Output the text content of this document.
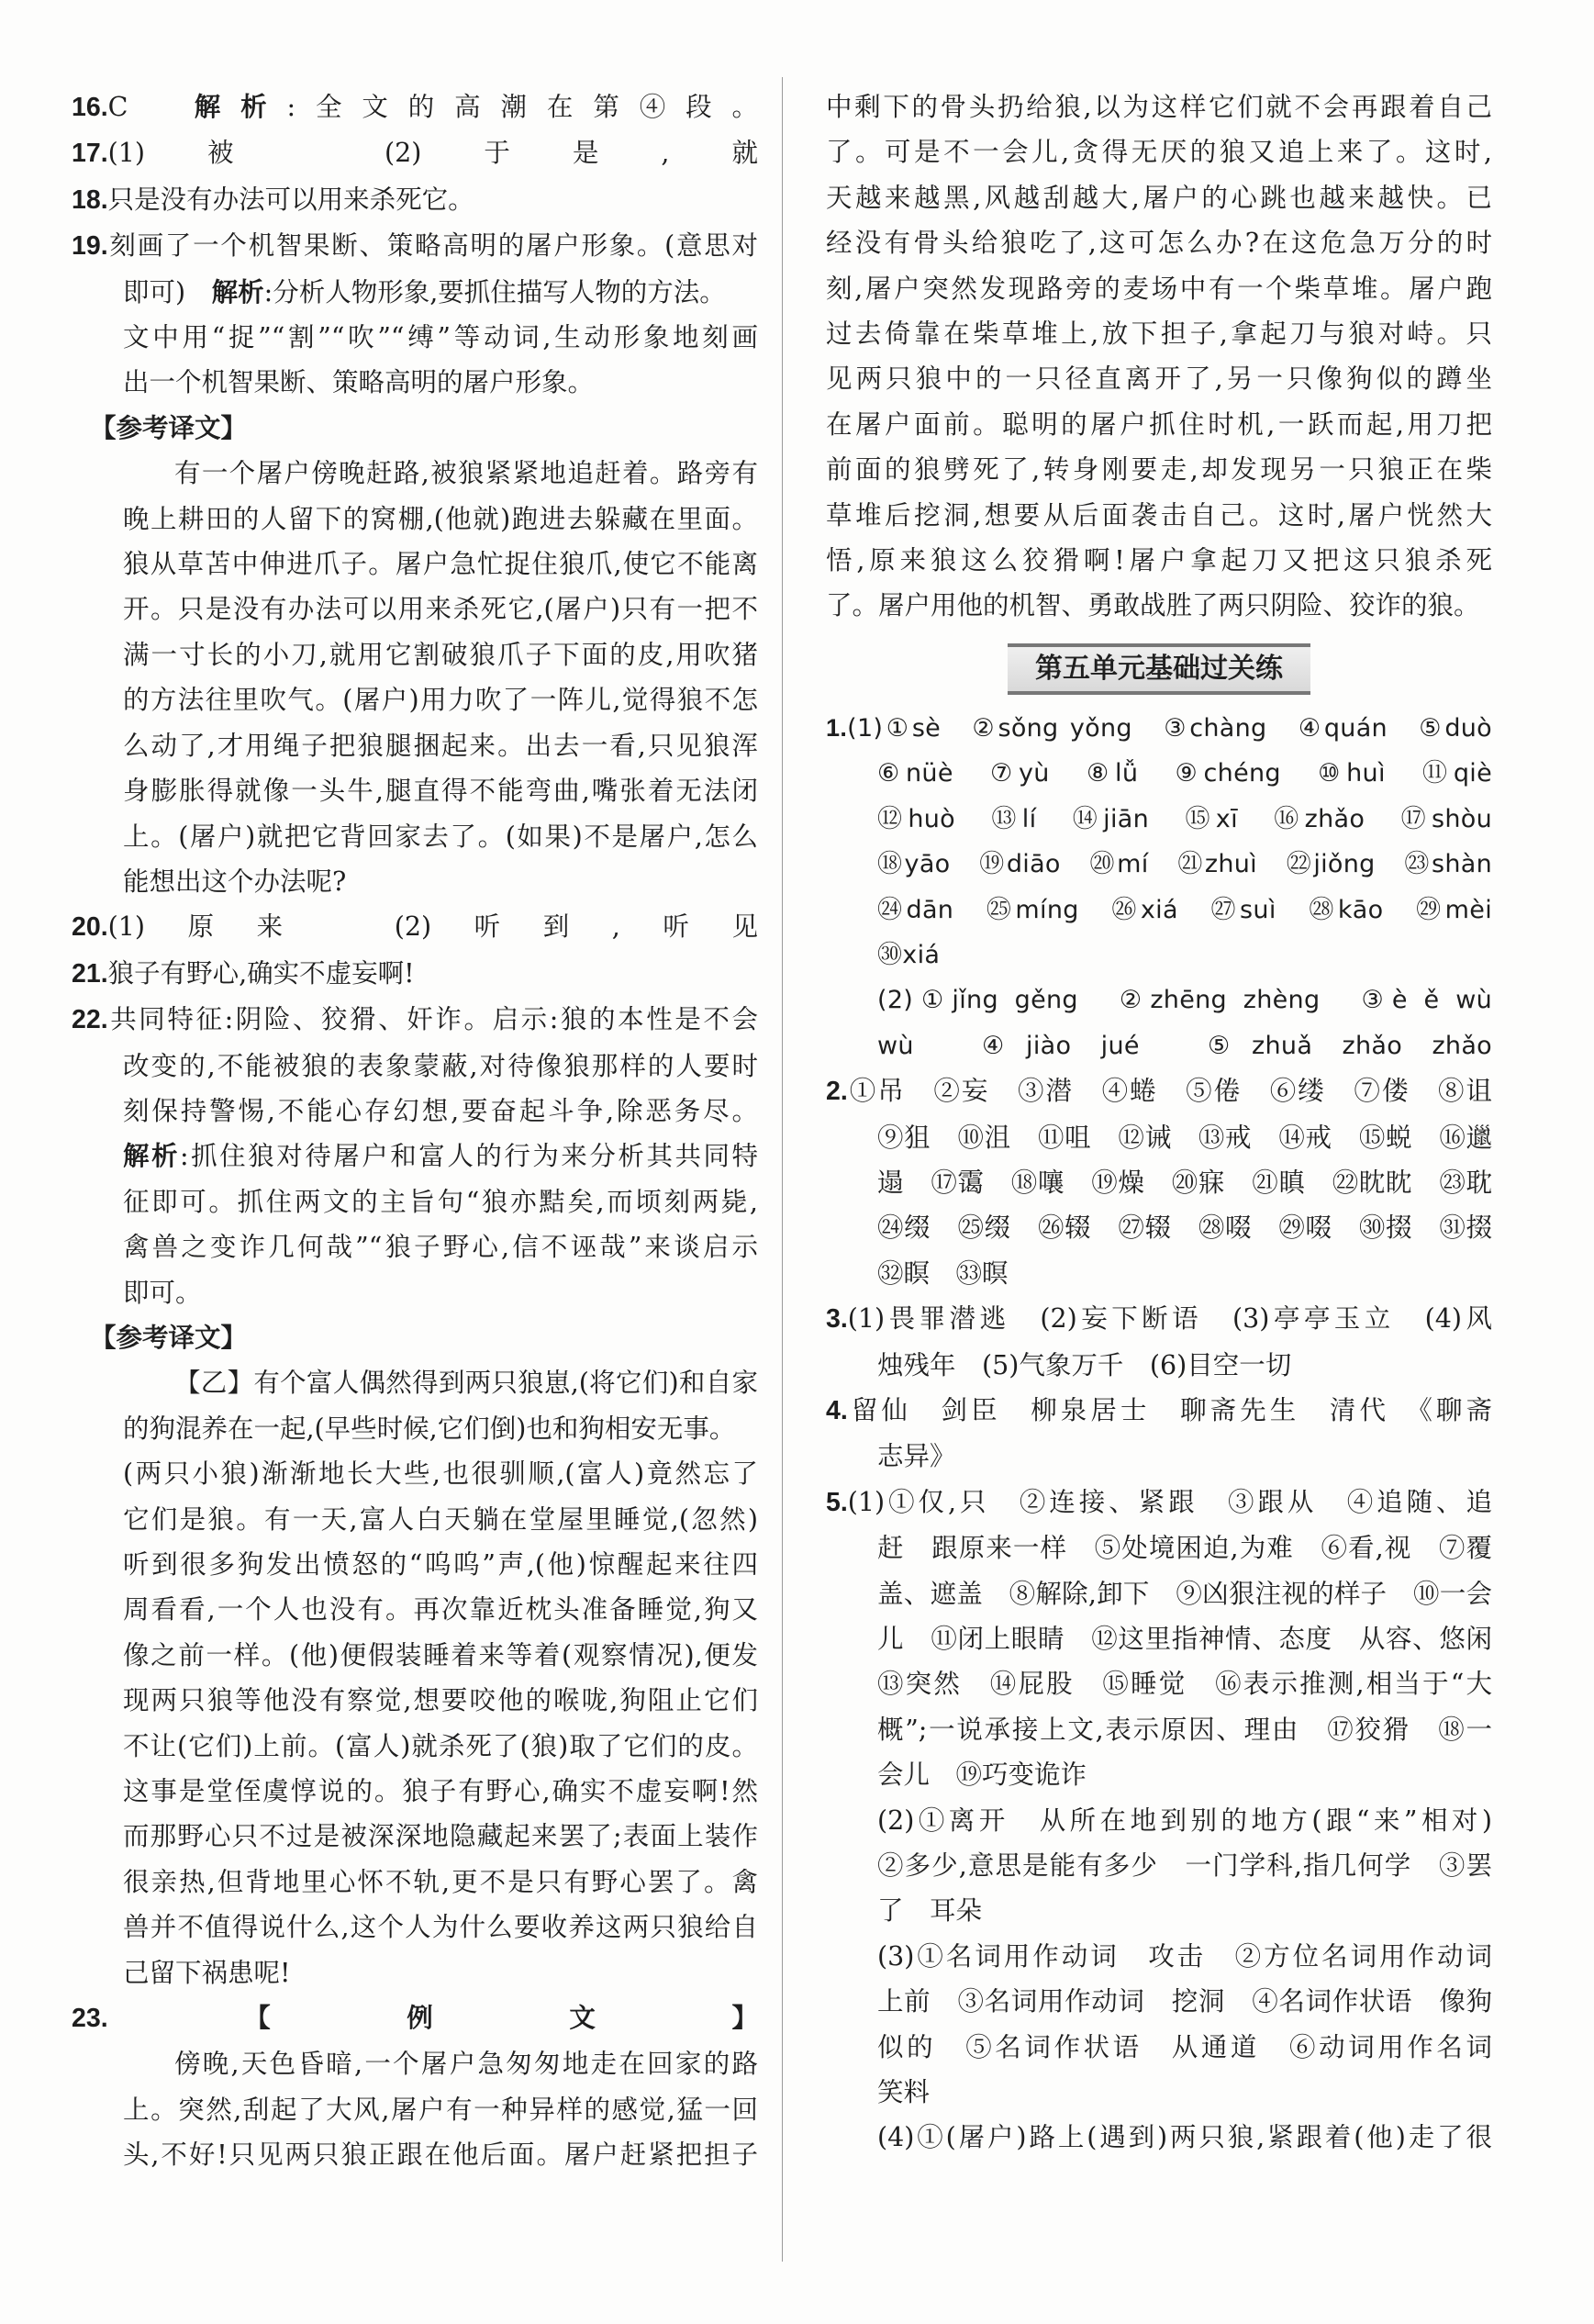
16.C　解析:全文的高潮在第④段。

17.(1)被　(2)于是,就

18.只是没有办法可以用来杀死它。

19.刻画了一个机智果断、策略高明的屠户形象。(意思对

即可)　解析:分析人物形象,要抓住描写人物的方法。

文中用“捉”“割”“吹”“缚”等动词,生动形象地刻画

出一个机智果断、策略高明的屠户形象。

【参考译文】

有一个屠户傍晚赶路,被狼紧紧地追赶着。路旁有

晚上耕田的人留下的窝棚,(他就)跑进去躲藏在里面。

狼从草苫中伸进爪子。屠户急忙捉住狼爪,使它不能离

开。只是没有办法可以用来杀死它,(屠户)只有一把不

满一寸长的小刀,就用它割破狼爪子下面的皮,用吹猪

的方法往里吹气。(屠户)用力吹了一阵儿,觉得狼不怎

么动了,才用绳子把狼腿捆起来。出去一看,只见狼浑

身膨胀得就像一头牛,腿直得不能弯曲,嘴张着无法闭

上。(屠户)就把它背回家去了。(如果)不是屠户,怎么

能想出这个办法呢?

20.(1)原来　(2)听到,听见

21.狼子有野心,确实不虚妄啊!

22.共同特征:阴险、狡猾、奸诈。启示:狼的本性是不会

改变的,不能被狼的表象蒙蔽,对待像狼那样的人要时

刻保持警惕,不能心存幻想,要奋起斗争,除恶务尽。

解析:抓住狼对待屠户和富人的行为来分析其共同特

征即可。抓住两文的主旨句“狼亦黠矣,而顷刻两毙,

禽兽之变诈几何哉”“狼子野心,信不诬哉”来谈启示

即可。

【参考译文】

【乙】有个富人偶然得到两只狼崽,(将它们)和自家

的狗混养在一起,(早些时候,它们倒)也和狗相安无事。

(两只小狼)渐渐地长大些,也很驯顺,(富人)竟然忘了

它们是狼。有一天,富人白天躺在堂屋里睡觉,(忽然)

听到很多狗发出愤怒的“呜呜”声,(他)惊醒起来往四

周看看,一个人也没有。再次靠近枕头准备睡觉,狗又

像之前一样。(他)便假装睡着来等着(观察情况),便发

现两只狼等他没有察觉,想要咬他的喉咙,狗阻止它们

不让(它们)上前。(富人)就杀死了(狼)取了它们的皮。

这事是堂侄虞惇说的。狼子有野心,确实不虚妄啊!然

而那野心只不过是被深深地隐藏起来罢了;表面上装作

很亲热,但背地里心怀不轨,更不是只有野心罢了。禽

兽并不值得说什么,这个人为什么要收养这两只狼给自

己留下祸患呢!

23.【例文】

傍晚,天色昏暗,一个屠户急匆匆地走在回家的路

上。突然,刮起了大风,屠户有一种异样的感觉,猛一回

头,不好!只见两只狼正跟在他后面。屠户赶紧把担子

中剩下的骨头扔给狼,以为这样它们就不会再跟着自己

了。可是不一会儿,贪得无厌的狼又追上来了。这时,

天越来越黑,风越刮越大,屠户的心跳也越来越快。已

经没有骨头给狼吃了,这可怎么办?在这危急万分的时

刻,屠户突然发现路旁的麦场中有一个柴草堆。屠户跑

过去倚靠在柴草堆上,放下担子,拿起刀与狼对峙。只

见两只狼中的一只径直离开了,另一只像狗似的蹲坐

在屠户面前。聪明的屠户抓住时机,一跃而起,用刀把

前面的狼劈死了,转身刚要走,却发现另一只狼正在柴

草堆后挖洞,想要从后面袭击自己。这时,屠户恍然大

悟,原来狼这么狡猾啊!屠户拿起刀又把这只狼杀死

了。屠户用他的机智、勇敢战胜了两只阴险、狡诈的狼。

第五单元基础过关练

1.(1)①sè　②sǒng yǒng　③chàng　④quán　⑤duò

⑥nüè　⑦yù　⑧lǚ　⑨chéng　⑩huì　⑪qiè

⑫huò　⑬lí　⑭jiān　⑮xī　⑯zhǎo　⑰shòu

⑱yāo　⑲diāo　⑳mí　㉑zhuì　㉒jiǒng　㉓shàn

㉔dān　㉕míng　㉖xiá　㉗suì　㉘kāo　㉙mèi

㉚xiá

(2)①jǐng gěng　②zhēng zhèng　③è ě wù

wù　④jiào jué　⑤zhuǎ zhǎo zhǎo

2.①吊　②妄　③潜　④蜷　⑤倦　⑥缕　⑦偻　⑧诅

⑨狙　⑩沮　⑪咀　⑫诫　⑬戒　⑭戒　⑮蜕　⑯邋

遢　⑰霭　⑱嚷　⑲燥　⑳寐　㉑瞋　㉒眈眈　㉓耽

㉔缀　㉕缀　㉖辍　㉗辍　㉘啜　㉙啜　㉚掇　㉛掇

㉜瞑　㉝暝

3.(1)畏罪潜逃　(2)妄下断语　(3)亭亭玉立　(4)风

烛残年　(5)气象万千　(6)目空一切

4.留仙　剑臣　柳泉居士　聊斋先生　清代　《聊斋

志异》

5.(1)①仅,只　②连接、紧跟　③跟从　④追随、追

赶　跟原来一样　⑤处境困迫,为难　⑥看,视　⑦覆

盖、遮盖　⑧解除,卸下　⑨凶狠注视的样子　⑩一会

儿　⑪闭上眼睛　⑫这里指神情、态度　从容、悠闲

⑬突然　⑭屁股　⑮睡觉　⑯表示推测,相当于“大

概”;一说承接上文,表示原因、理由　⑰狡猾　⑱一

会儿　⑲巧变诡诈

(2)①离开　从所在地到别的地方(跟“来”相对)

②多少,意思是能有多少　一门学科,指几何学　③罢

了　耳朵

(3)①名词用作动词　攻击　②方位名词用作动词

上前　③名词用作动词　挖洞　④名词作状语　像狗

似的　⑤名词作状语　从通道　⑥动词用作名词

笑料

(4)①(屠户)路上(遇到)两只狼,紧跟着(他)走了很
